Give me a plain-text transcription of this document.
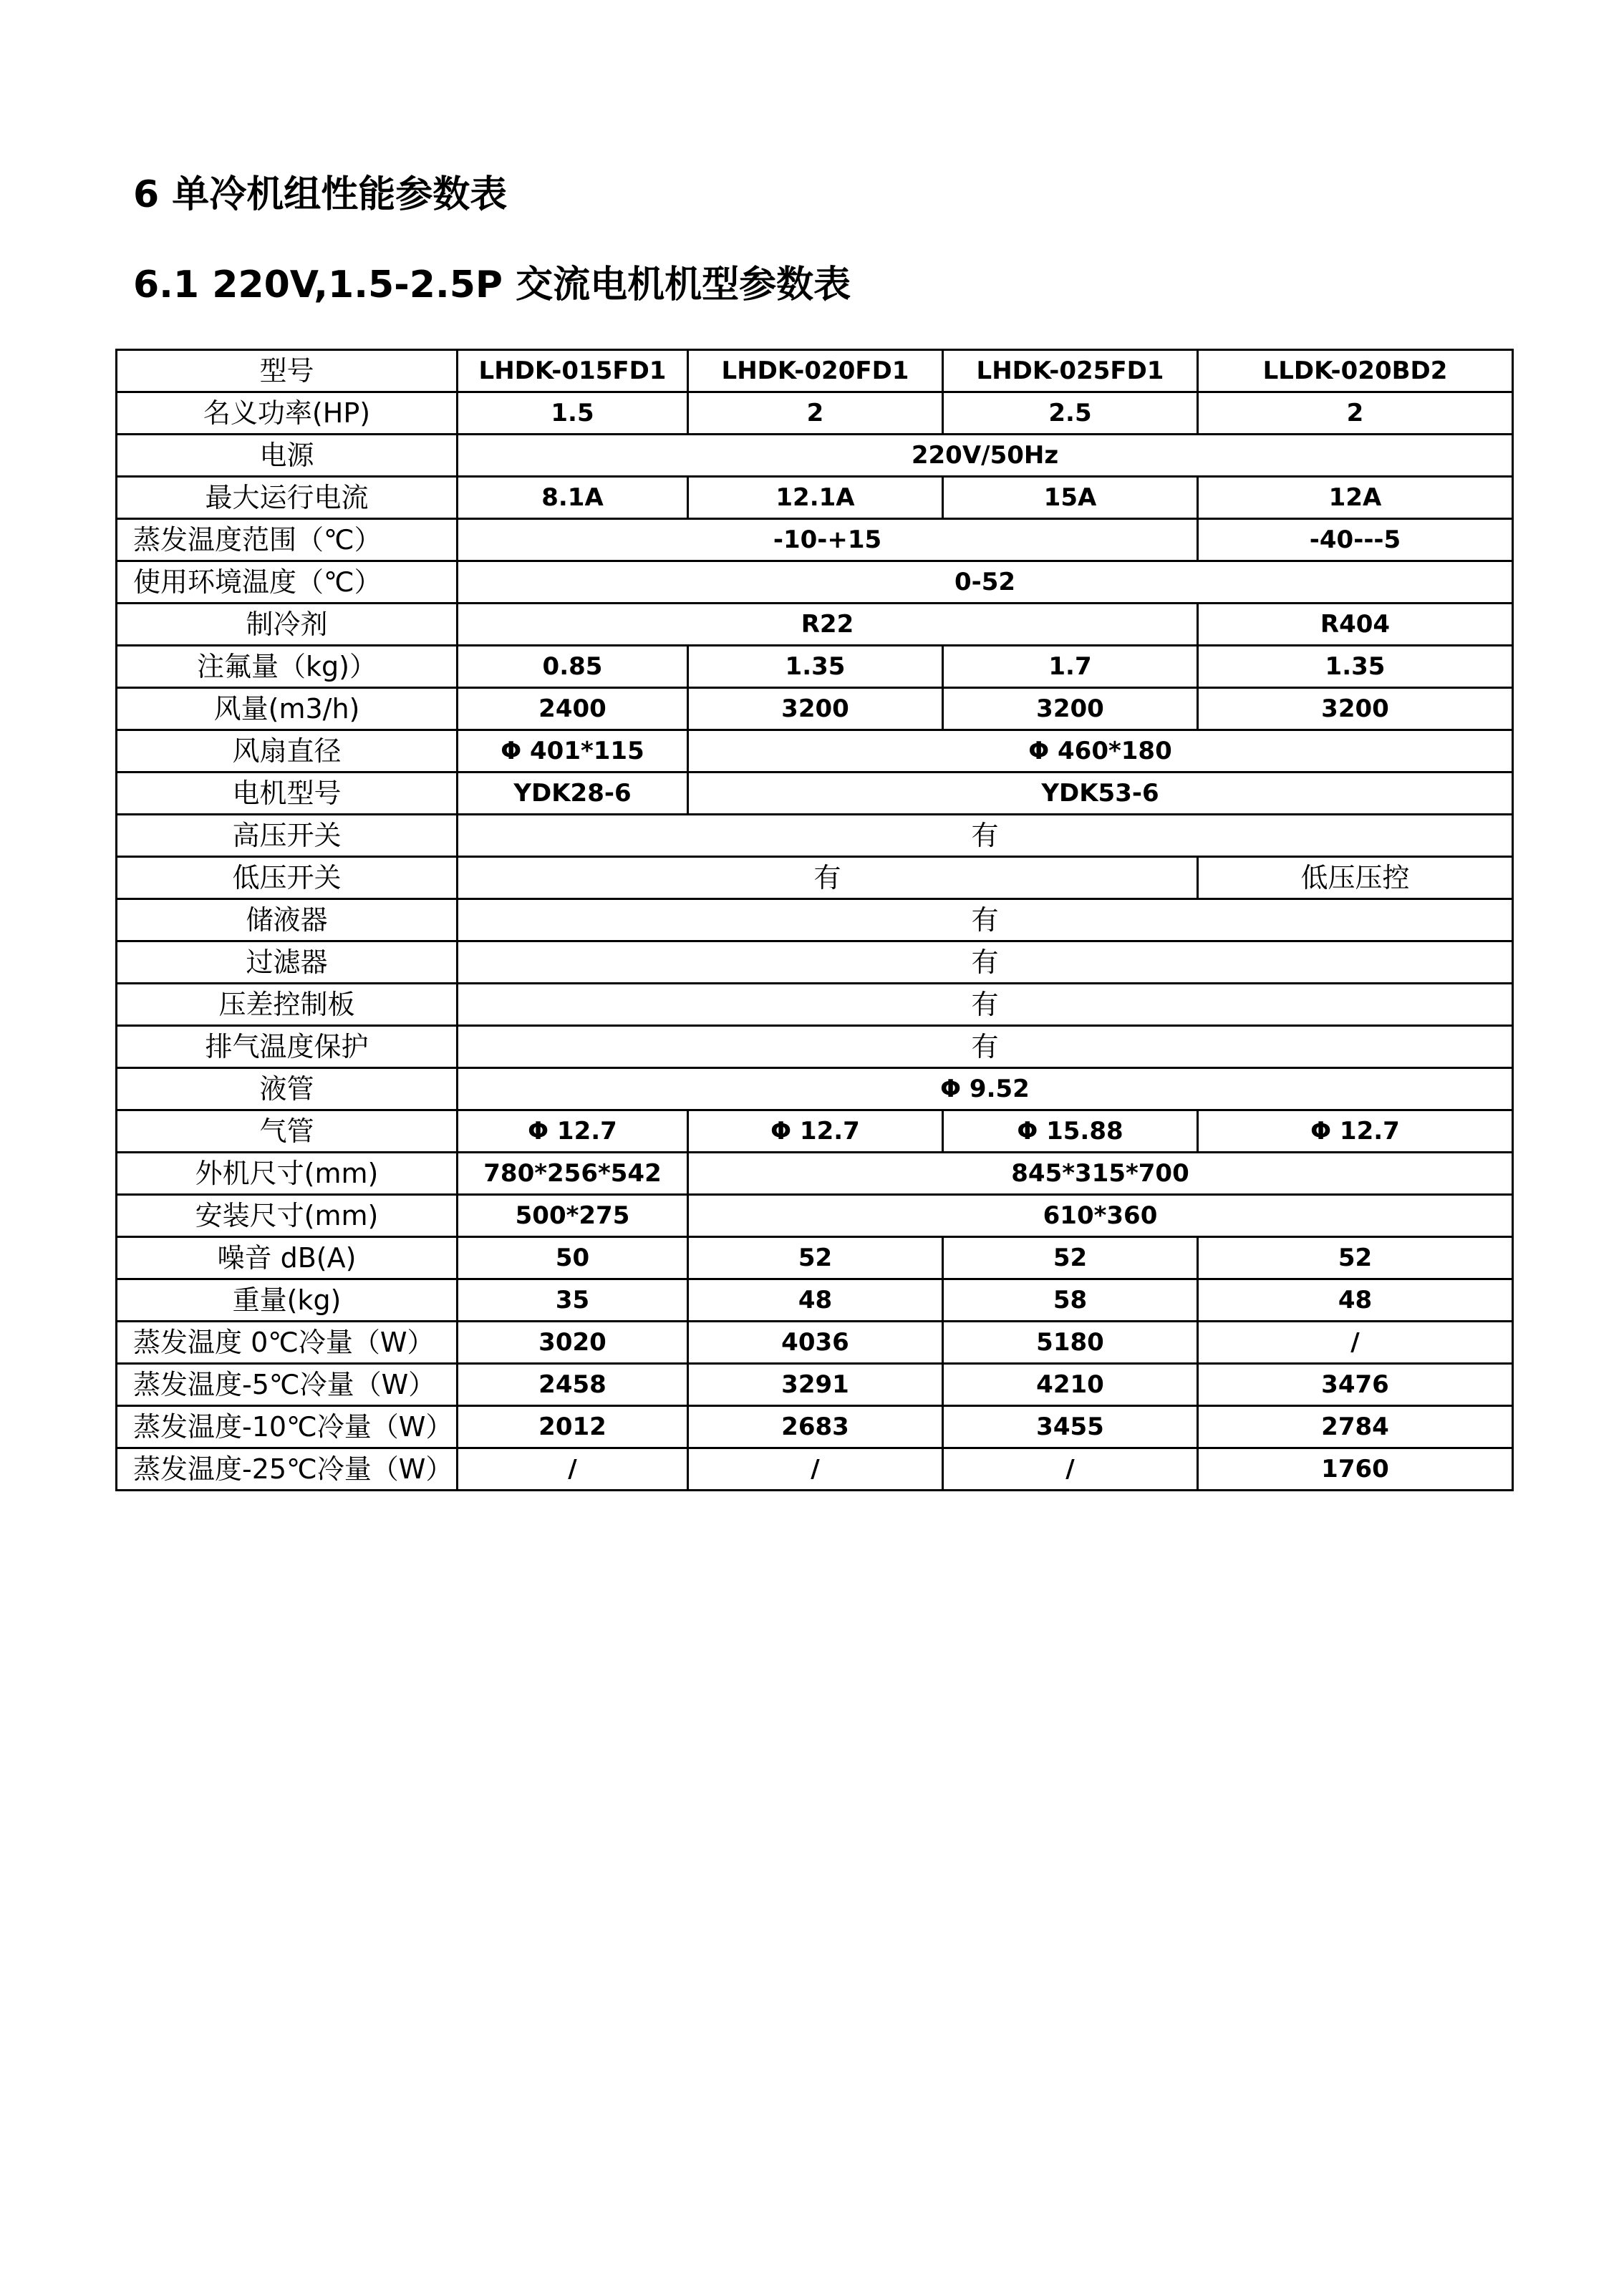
6 单冷机组性能参数表
6.1 220V,1.5-2.5P 交流电机机型参数表
型号	LHDK-015FD1	LHDK-020FD1	LHDK-025FD1	LLDK-020BD2
名义功率(HP)	1.5	2	2.5	2
电源	220V/50Hz			
最大运行电流	8.1A	12.1A	15A	12A
蒸发温度范围（℃）	-10-+15			-40---5
使用环境温度（℃）	0-52			
制冷剂	R22			R404
注氟量（kg)）	0.85	1.35	1.7	1.35
风量(m3/h)	2400	3200	3200	3200
风扇直径	Φ 401*115	Φ 460*180		
电机型号	YDK28-6	YDK53-6		
高压开关	有			
低压开关	有			低压压控
储液器	有			
过滤器	有			
压差控制板	有			
排气温度保护	有			
液管	Φ 9.52			
气管	Φ 12.7	Φ 12.7	Φ 15.88	Φ 12.7
外机尺寸(mm)	780*256*542	845*315*700		
安装尺寸(mm)	500*275	610*360		
噪音 dB(A)	50	52	52	52
重量(kg)	35	48	58	48
蒸发温度 0℃冷量（W）	3020	4036	5180	/
蒸发温度-5℃冷量（W）	2458	3291	4210	3476
蒸发温度-10℃冷量（W）	2012	2683	3455	2784
蒸发温度-25℃冷量（W）	/	/	/	1760
